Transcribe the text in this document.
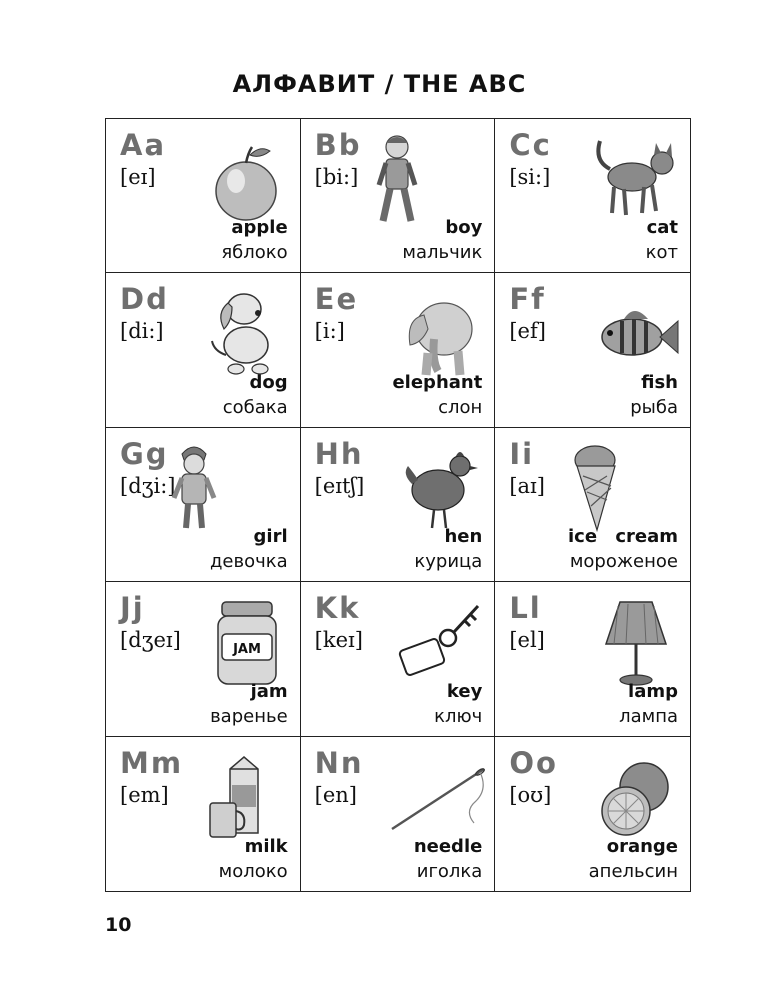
АЛФАВИТ / THE ABC
Aa
[eɪ]
apple
яблоко
Bb
[bi:]
boy
мальчик
Cc
[si:]
cat
кот
Dd
[di:]
dog
собака
Ee
[i:]
elephant
слон
Ff
[ef]
fish
рыба
Gg
[dʒi:]
girl
девочка
Hh
[eɪtʃ]
hen
курица
Ii
[aɪ]
ice cream
мороженое
Jj
[dʒeɪ]	JAM
jam
варенье
Kk
[keɪ]
key
ключ
Ll
[el]
lamp
лампа
Mm
[em]
milk
молоко
Nn
[en]
needle
иголка
Oo
[oʊ]
orange
апельсин
10
